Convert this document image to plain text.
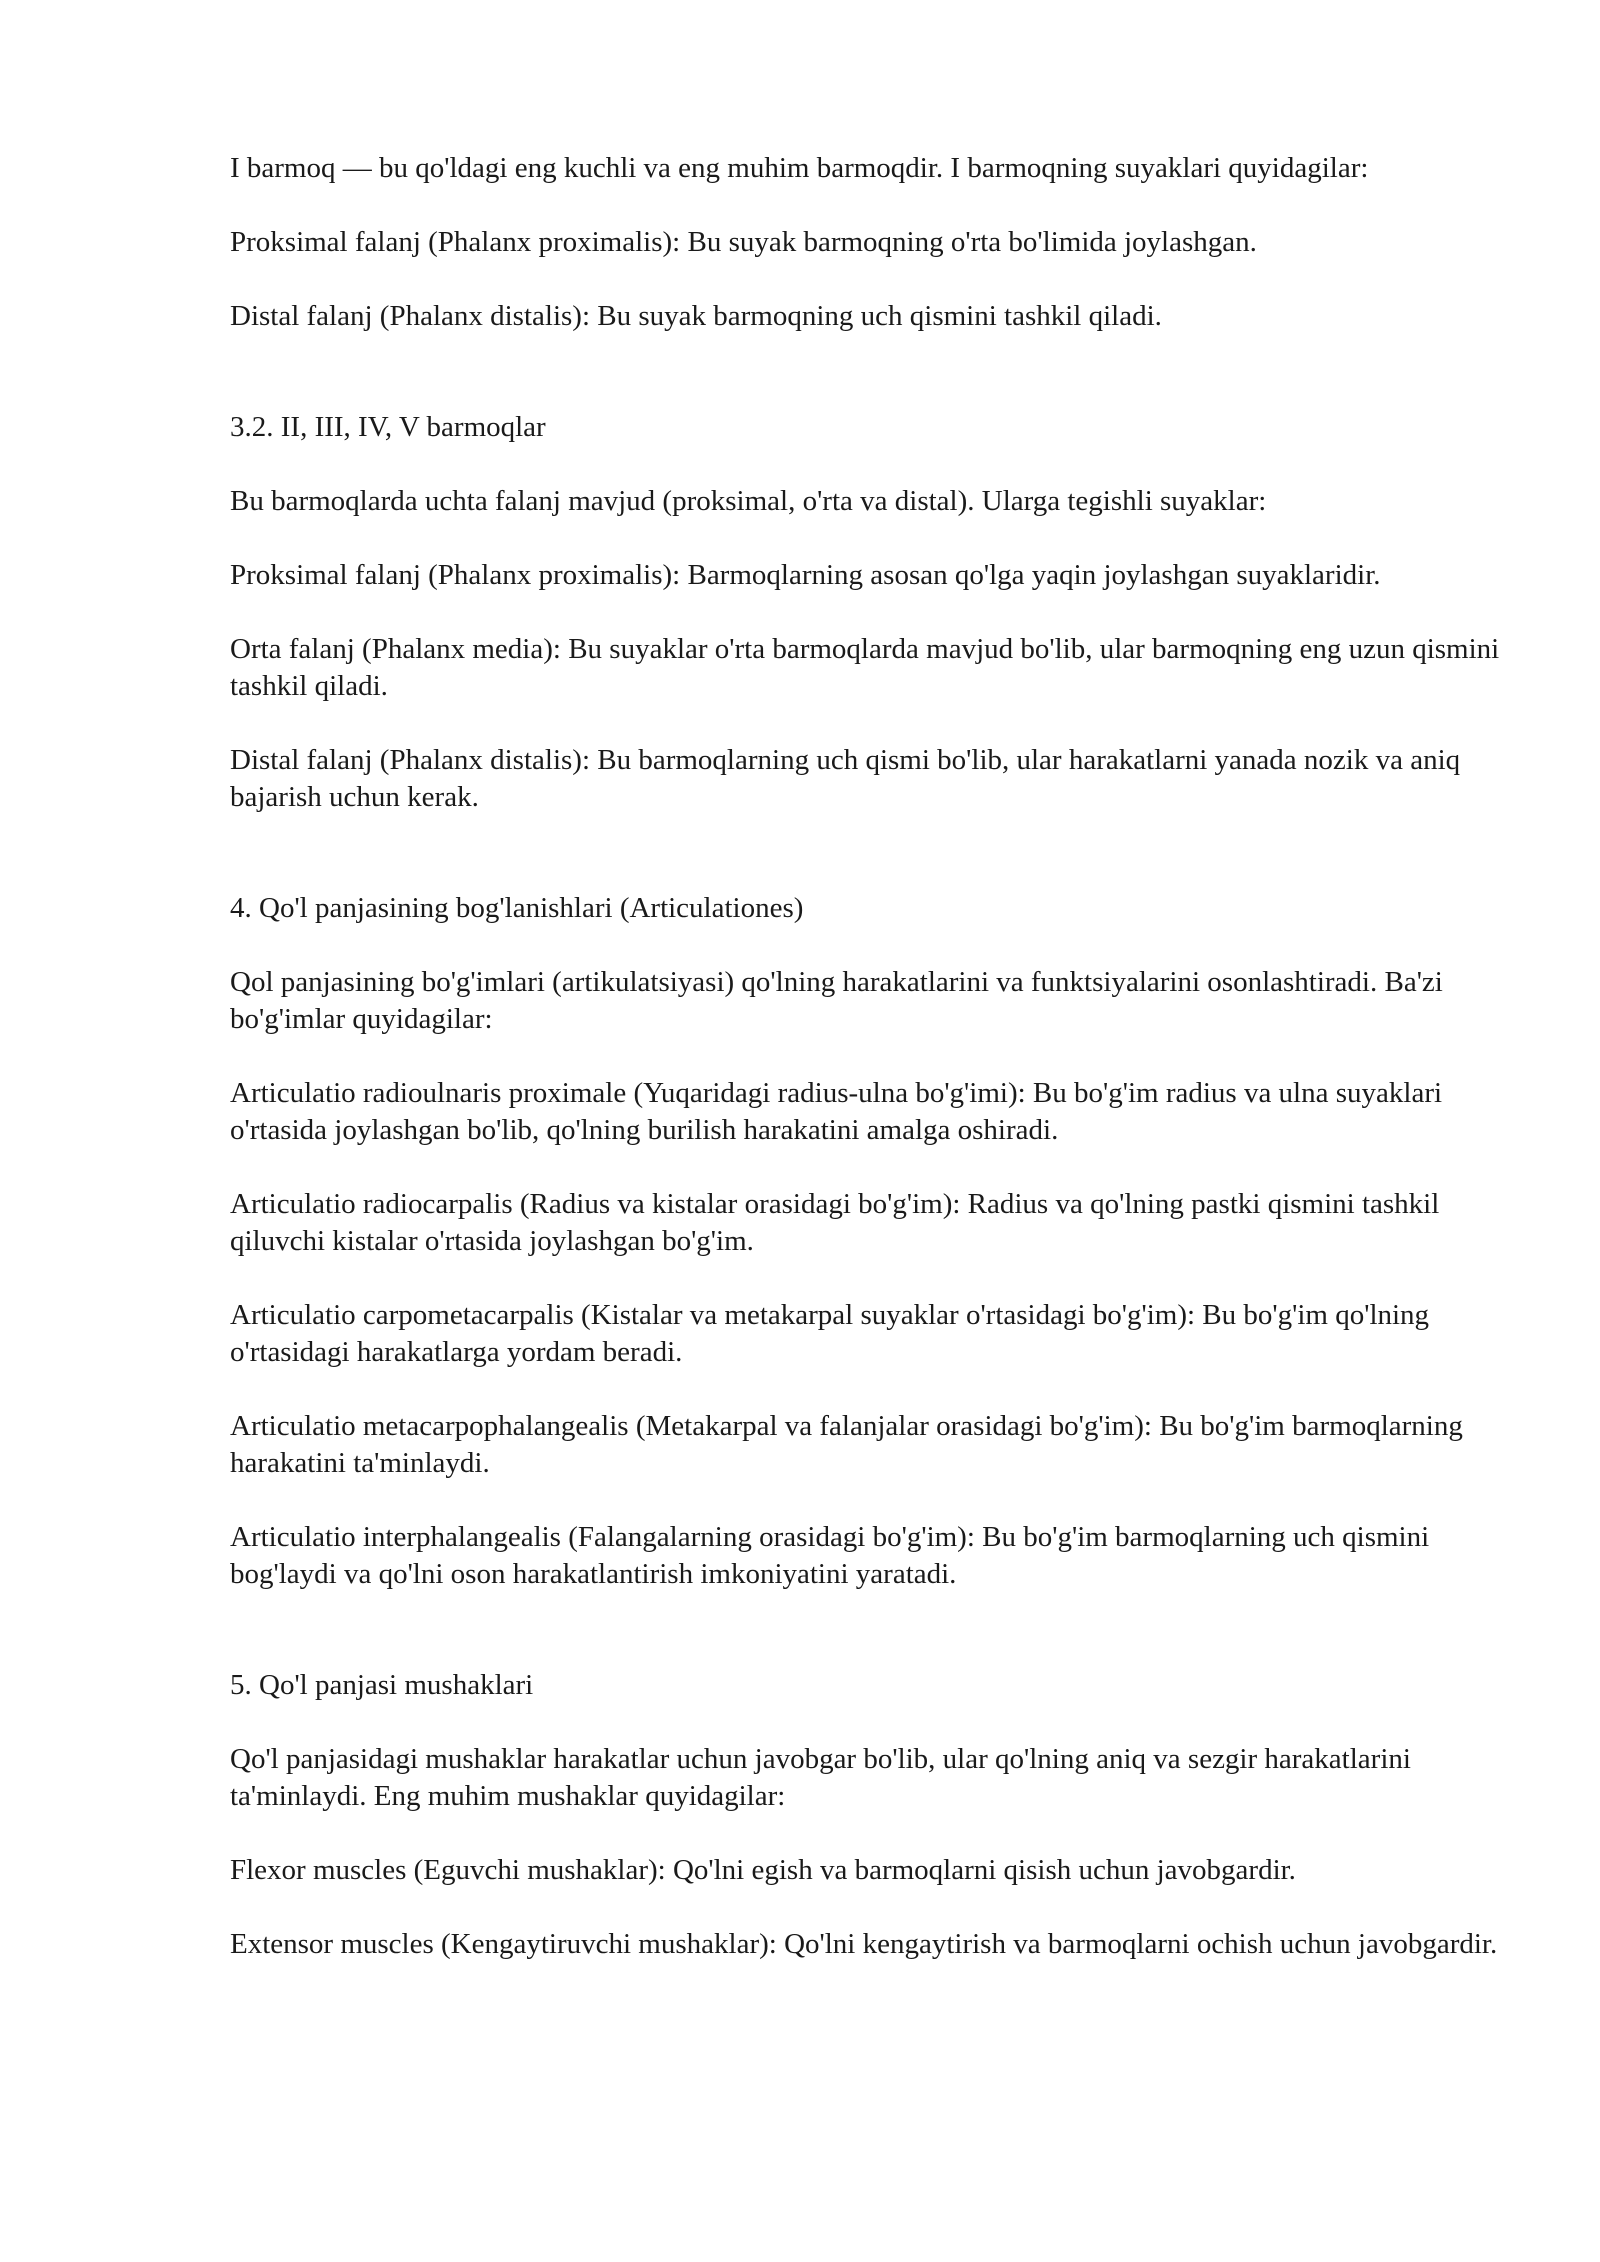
I barmoq — bu qo'ldagi eng kuchli va eng muhim barmoqdir. I barmoqning suyaklari quyidagilar:

Proksimal falanj (Phalanx proximalis): Bu suyak barmoqning o'rta bo'limida joylashgan.

Distal falanj (Phalanx distalis): Bu suyak barmoqning uch qismini tashkil qiladi.

3.2. II, III, IV, V barmoqlar

Bu barmoqlarda uchta falanj mavjud (proksimal, o'rta va distal). Ularga tegishli suyaklar:

Proksimal falanj (Phalanx proximalis): Barmoqlarning asosan qo'lga yaqin joylashgan suyaklaridir.

Orta falanj (Phalanx media): Bu suyaklar o'rta barmoqlarda mavjud bo'lib, ular barmoqning eng uzun qismini tashkil qiladi.

Distal falanj (Phalanx distalis): Bu barmoqlarning uch qismi bo'lib, ular harakatlarni yanada nozik va aniq bajarish uchun kerak.

4. Qo'l panjasining bog'lanishlari (Articulationes)

Qol panjasining bo'g'imlari (artikulatsiyasi) qo'lning harakatlarini va funktsiyalarini osonlashtiradi. Ba'zi bo'g'imlar quyidagilar:

Articulatio radioulnaris proximale (Yuqaridagi radius-ulna bo'g'imi): Bu bo'g'im radius va ulna suyaklari o'rtasida joylashgan bo'lib, qo'lning burilish harakatini amalga oshiradi.

Articulatio radiocarpalis (Radius va kistalar orasidagi bo'g'im): Radius va qo'lning pastki qismini tashkil qiluvchi kistalar o'rtasida joylashgan bo'g'im.

Articulatio carpometacarpalis (Kistalar va metakarpal suyaklar o'rtasidagi bo'g'im): Bu bo'g'im qo'lning o'rtasidagi harakatlarga yordam beradi.

Articulatio metacarpophalangealis (Metakarpal va falanjalar orasidagi bo'g'im): Bu bo'g'im barmoqlarning harakatini ta'minlaydi.

Articulatio interphalangealis (Falangalarning orasidagi bo'g'im): Bu bo'g'im barmoqlarning uch qismini bog'laydi va qo'lni oson harakatlantirish imkoniyatini yaratadi.

5. Qo'l panjasi mushaklari

Qo'l panjasidagi mushaklar harakatlar uchun javobgar bo'lib, ular qo'lning aniq va sezgir harakatlarini ta'minlaydi. Eng muhim mushaklar quyidagilar:

Flexor muscles (Eguvchi mushaklar): Qo'lni egish va barmoqlarni qisish uchun javobgardir.

Extensor muscles (Kengaytiruvchi mushaklar): Qo'lni kengaytirish va barmoqlarni ochish uchun javobgardir.
